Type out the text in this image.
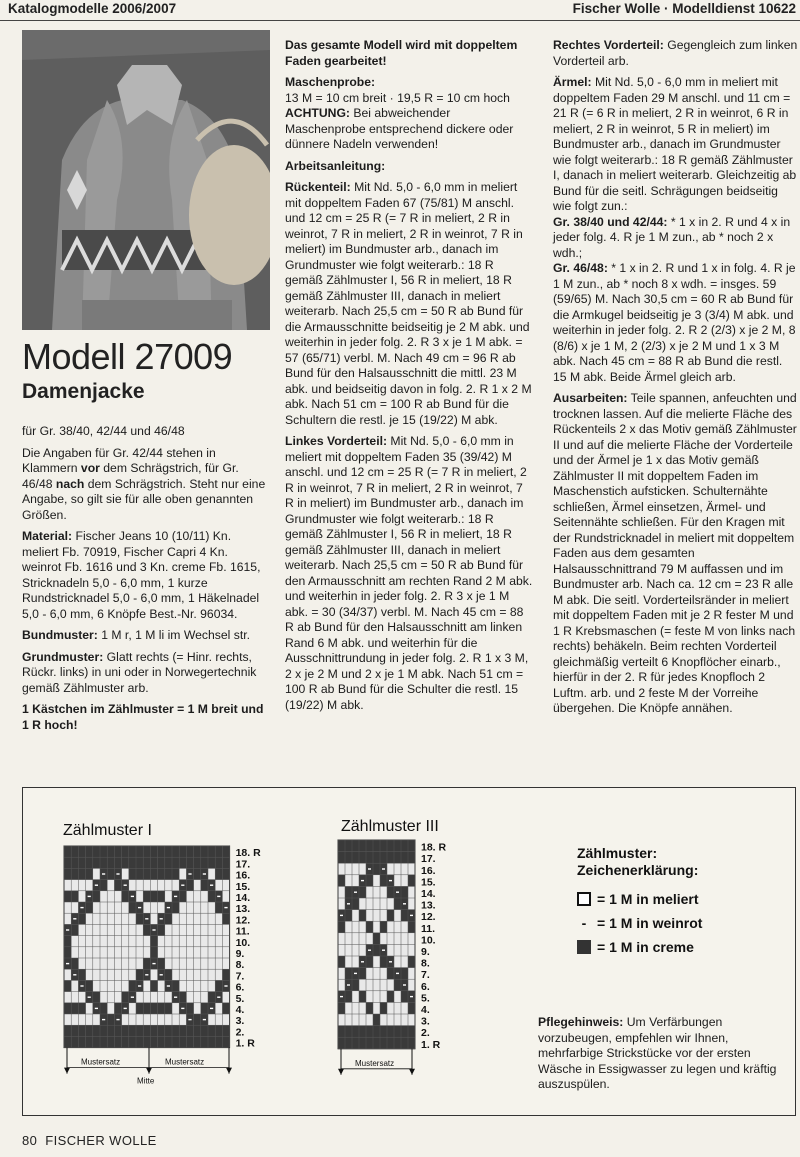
Katalogmodelle 2006/2007	Fischer Wolle · Modelldienst 10622
Modell 27009
Damenjacke

für Gr. 38/40, 42/44 und 46/48

Die Angaben für Gr. 42/44 stehen in Klammern vor dem Schrägstrich, für Gr. 46/48 nach dem Schrägstrich. Steht nur eine Angabe, so gilt sie für alle oben genannten Größen.

Material: Fischer Jeans 10 (10/11) Kn. meliert Fb. 70919, Fischer Capri 4 Kn. weinrot Fb. 1616 und 3 Kn. creme Fb. 1615, Stricknadeln 5,0 - 6,0 mm, 1 kurze Rundstricknadel 5,0 - 6,0 mm, 1 Häkelnadel 5,0 - 6,0 mm, 6 Knöpfe Best.-Nr. 96034.

Bundmuster: 1 M r, 1 M li im Wechsel str.

Grundmuster: Glatt rechts (= Hinr. rechts, Rückr. links) in uni oder in Norwegertechnik gemäß Zählmuster arb.

1 Kästchen im Zählmuster = 1 M breit und 1 R hoch!

Das gesamte Modell wird mit doppeltem Faden gearbeitet!

Maschenprobe:
13 M = 10 cm breit · 19,5 R = 10 cm hoch
ACHTUNG: Bei abweichender Maschenprobe entsprechend dickere oder dünnere Nadeln verwenden!

Arbeitsanleitung:

Rückenteil: Mit Nd. 5,0 - 6,0 mm in meliert mit doppeltem Faden 67 (75/81) M anschl. und 12 cm = 25 R (= 7 R in meliert, 2 R in weinrot, 7 R in meliert, 2 R in weinrot, 7 R in meliert) im Bundmuster arb., danach im Grundmuster wie folgt weiterarb.: 18 R gemäß Zählmuster I, 56 R in meliert, 18 R gemäß Zählmuster III, danach in meliert weiterarb. Nach 25,5 cm = 50 R ab Bund für die Armausschnitte beidseitig je 2 M abk. und weiterhin in jeder folg. 2. R 3 x je 1 M abk. = 57 (65/71) verbl. M. Nach 49 cm = 96 R ab Bund für den Halsausschnitt die mittl. 23 M abk. und beidseitig davon in folg. 2. R 1 x 2 M abk. Nach 51 cm = 100 R ab Bund für die Schultern die restl. je 15 (19/22) M abk.

Linkes Vorderteil: Mit Nd. 5,0 - 6,0 mm in meliert mit doppeltem Faden 35 (39/42) M anschl. und 12 cm = 25 R (= 7 R in meliert, 2 R in weinrot, 7 R in meliert, 2 R in weinrot, 7 R in meliert) im Bundmuster arb., danach im Grundmuster wie folgt weiterarb.: 18 R gemäß Zählmuster I, 56 R in meliert, 18 R gemäß Zählmuster III, danach in meliert weiterarb. Nach 25,5 cm = 50 R ab Bund für den Armausschnitt am rechten Rand 2 M abk. und weiterhin in jeder folg. 2. R 3 x je 1 M abk. = 30 (34/37) verbl. M. Nach 45 cm = 88 R ab Bund für den Halsausschnitt am linken Rand 6 M abk. und weiterhin für die Ausschnittrundung in jeder folg. 2. R 1 x 3 M, 2 x je 2 M und 2 x je 1 M abk. Nach 51 cm = 100 R ab Bund für die Schulter die restl. 15 (19/22) M abk.

Rechtes Vorderteil: Gegengleich zum linken Vorderteil arb.

Ärmel: Mit Nd. 5,0 - 6,0 mm in meliert mit doppeltem Faden 29 M anschl. und 11 cm = 21 R (= 6 R in meliert, 2 R in weinrot, 6 R in meliert, 2 R in weinrot, 5 R in meliert) im Bundmuster arb., danach im Grundmuster wie folgt weiterarb.: 18 R gemäß Zählmuster I, danach in meliert weiterarb. Gleichzeitig ab Bund für die seitl. Schrägungen beidseitig wie folgt zun.:
Gr. 38/40 und 42/44: * 1 x in 2. R und 4 x in jeder folg. 4. R je 1 M zun., ab * noch 2 x wdh.;
Gr. 46/48: * 1 x in 2. R und 1 x in folg. 4. R je 1 M zun., ab * noch 8 x wdh. = insges. 59 (59/65) M. Nach 30,5 cm = 60 R ab Bund für die Armkugel beidseitig je 3 (3/4) M abk. und weiterhin in jeder folg. 2. R 2 (2/3) x je 2 M, 8 (8/6) x je 1 M, 2 (2/3) x je 2 M und 1 x 3 M abk. Nach 45 cm = 88 R ab Bund die restl. 15 M abk. Beide Ärmel gleich arb.

Ausarbeiten: Teile spannen, anfeuchten und trocknen lassen. Auf die melierte Fläche des Rückenteils 2 x das Motiv gemäß Zählmuster II und auf die melierte Fläche der Vorderteile und der Ärmel je 1 x das Motiv gemäß Zählmuster II mit doppeltem Faden im Maschenstich aufsticken. Schulternähte schließen, Ärmel einsetzen, Ärmel- und Seitennähte schließen. Für den Kragen mit der Rundstricknadel in meliert mit doppeltem Faden aus dem gesamten Halsausschnittrand 79 M auffassen und im Bundmuster arb. Nach ca. 12 cm = 23 R alle M abk. Die seitl. Vorderteilsränder in meliert mit doppeltem Faden mit je 2 R fester M und 1 R Krebsmaschen (= feste M von links nach rechts) behäkeln. Beim rechten Vorderteil gleichmäßig verteilt 6 Knopflöcher einarb., hierfür in der 2. R für jedes Knopfloch 2 Luftm. arb. und 2 feste M der Vorreihe übergehen. Die Knöpfe annähen.

Zählmuster I	Zählmuster III
18. R
17.
16.
15.
14.
13.
12.
11.
10.
9.
8.
7.
6.
5.
4.
3.
2.
1. R
18. R
17.
16.
15.
14.
13.
12.
11.
10.
9.
8.
7.
6.
5.
4.
3.
2.
1. R
Mustersatz	Mustersatz
Mitte
Mustersatz
Pflegehinweis: Um Verfärbungen vorzubeugen, empfehlen wir Ihnen, mehrfarbige Strickstücke vor der ersten Wäsche in Essigwasser zu legen und kräftig auszuspülen.
Zählmuster:
Zeichenerklärung:
= 1 M in meliert
- = 1 M in weinrot
= 1 M in creme
80 FISCHER WOLLE
